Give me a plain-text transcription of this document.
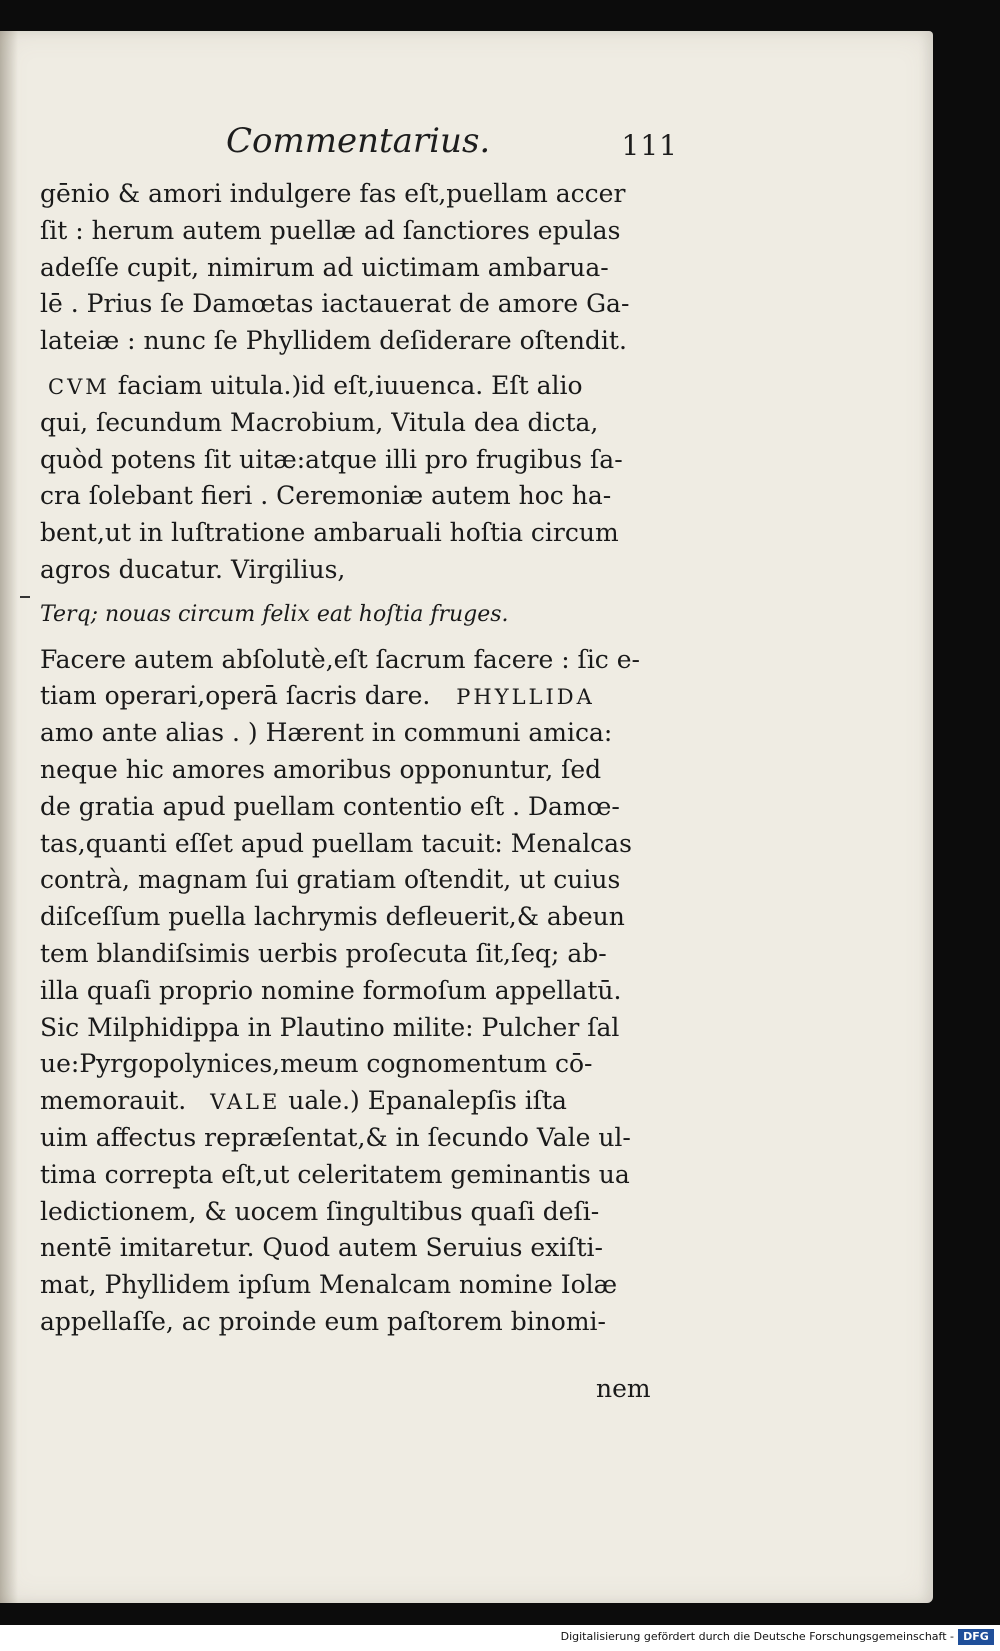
Commentarius.	111
gēnio & amori indulgere fas eſt,puellam accer
ſit : herum autem puellæ ad ſanctiores epulas
adeſſe cupit, nimirum ad uictimam ambarua-
lē . Prius ſe Damœtas iactauerat de amore Ga-
lateiæ : nunc ſe Phyllidem deſiderare oſtendit.
CVM faciam uitula.)id eſt,iuuenca. Eſt alio
qui, ſecundum Macrobium, Vitula dea dicta,
quòd potens ſit uitæ:atque illi pro frugibus ſa-
cra ſolebant fieri . Ceremoniæ autem hoc ha-
bent,ut in luſtratione ambaruali hoſtia circum
agros ducatur. Virgilius,
Terq; nouas circum felix eat hoſtia fruges.
Facere autem abſolutè,eſt ſacrum facere : ſic e-
tiam operari,operā ſacris dare. PHYLLIDA
amo ante alias . ) Hærent in communi amica:
neque hic amores amoribus opponuntur, ſed
de gratia apud puellam contentio eſt . Damœ-
tas,quanti eſſet apud puellam tacuit: Menalcas
contrà, magnam ſui gratiam oſtendit, ut cuius
diſceſſum puella lachrymis defleuerit,& abeun
tem blandiſsimis uerbis proſecuta ſit,ſeq; ab-
illa quaſi proprio nomine formoſum appellatū.
Sic Milphidippa in Plautino milite: Pulcher ſal
ue:Pyrgopolynices,meum cognomentum cō-
memorauit. VALE uale.) Epanalepſis iſta
uim affectus repræſentat,& in ſecundo Vale ul-
tima correpta eſt,ut celeritatem geminantis ua
ledictionem, & uocem ſingultibus quaſi deſi-
nentē imitaretur. Quod autem Seruius exiſti-
mat, Phyllidem ipſum Menalcam nomine Iolæ
appellaſſe, ac proinde eum paſtorem binomi-
nem
Digitalisierung gefördert durch die Deutsche Forschungsgemeinschaft - DFG
